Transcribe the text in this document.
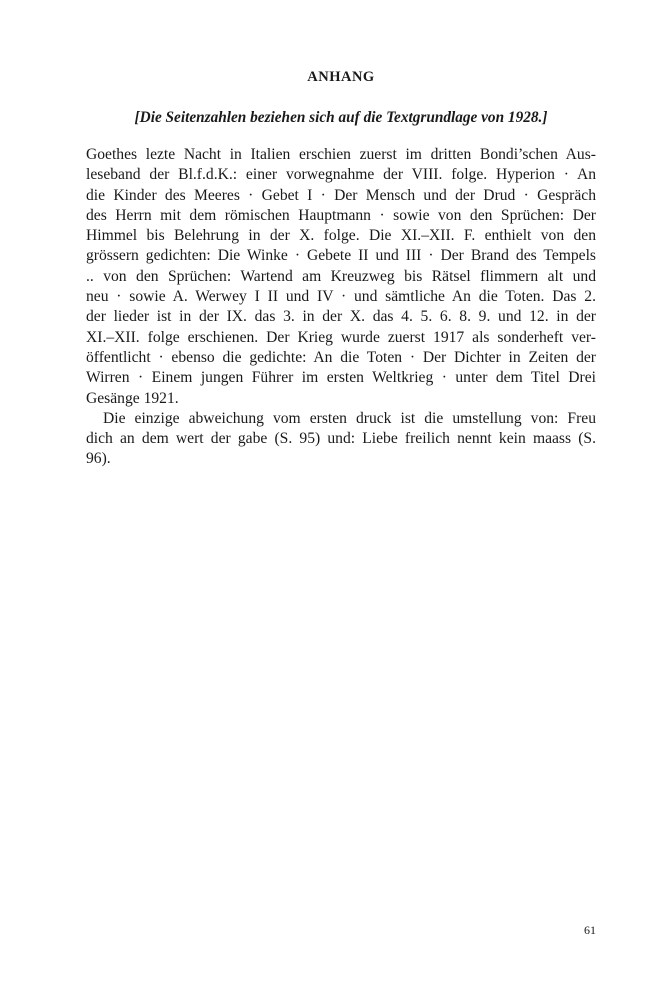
ANHANG
[Die Seitenzahlen beziehen sich auf die Textgrundlage von 1928.]
Goethes lezte Nacht in Italien erschien zuerst im dritten Bondi’schen Aus-
leseband der Bl.f.d.K.: einer vorwegnahme der VIII. folge. Hyperion · An
die Kinder des Meeres · Gebet I · Der Mensch und der Drud · Gespräch
des Herrn mit dem römischen Hauptmann · sowie von den Sprüchen: Der
Himmel bis Belehrung in der X. folge. Die XI.–XII. F. enthielt von den
grössern gedichten: Die Winke · Gebete II und III · Der Brand des Tempels
.. von den Sprüchen: Wartend am Kreuzweg bis Rätsel flimmern alt und
neu · sowie A. Werwey I II und IV · und sämtliche An die Toten. Das 2.
der lieder ist in der IX. das 3. in der X. das 4. 5. 6. 8. 9. und 12. in der
XI.–XII. folge erschienen. Der Krieg wurde zuerst 1917 als sonderheft ver-
öffentlicht · ebenso die gedichte: An die Toten · Der Dichter in Zeiten der
Wirren · Einem jungen Führer im ersten Weltkrieg · unter dem Titel Drei
Gesänge 1921.
Die einzige abweichung vom ersten druck ist die umstellung von: Freu
dich an dem wert der gabe (S. 95) und: Liebe freilich nennt kein maass (S.
96).

61
